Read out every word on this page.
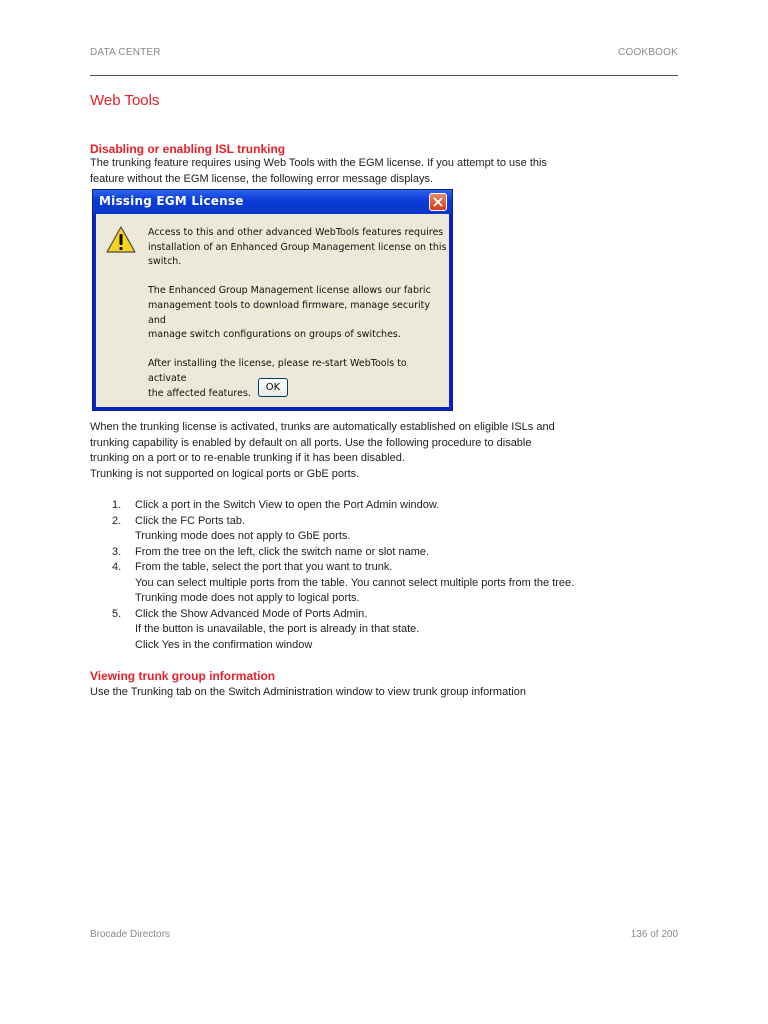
DATA CENTER	COOKBOOK
Web Tools
Disabling or enabling ISL trunking

The trunking feature requires using Web Tools with the EGM license. If you attempt to use this

feature without the EGM license, the following error message displays.

Missing EGM License

Access to this and other advanced WebTools features requires
installation of an Enhanced Group Management license on this
switch.

The Enhanced Group Management license allows our fabric
management tools to download firmware, manage security and
manage switch configurations on groups of switches.

After installing the license, please re-start WebTools to activate
the affected features.

OK

When the trunking license is activated, trunks are automatically established on eligible ISLs and

trunking capability is enabled by default on all ports. Use the following procedure to disable

trunking on a port or to re-enable trunking if it has been disabled.

Trunking is not supported on logical ports or GbE ports.

1. Click a port in the Switch View to open the Port Admin window.
2. Click the FC Ports tab.
Trunking mode does not apply to GbE ports.
3. From the tree on the left, click the switch name or slot name.
4. From the table, select the port that you want to trunk.
You can select multiple ports from the table. You cannot select multiple ports from the tree.
Trunking mode does not apply to logical ports.
5. Click the Show Advanced Mode of Ports Admin.
If the button is unavailable, the port is already in that state.
Click Yes in the confirmation window
Viewing trunk group information

Use the Trunking tab on the Switch Administration window to view trunk group information

Brocade Directors	136 of 200
